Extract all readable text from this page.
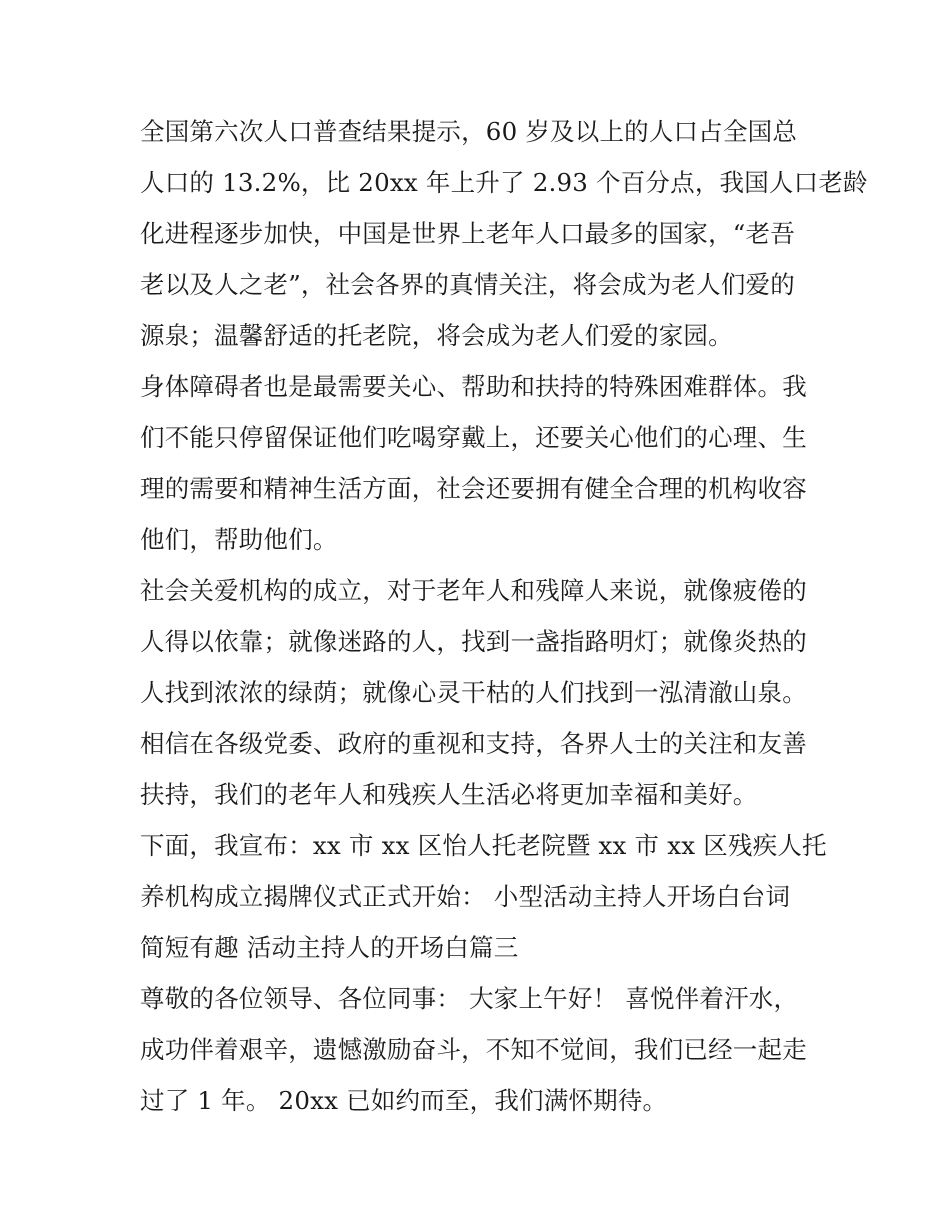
全国第六次人口普查结果提示，60 岁及以上的人口占全国总
人口的 13.2%，比 20xx 年上升了 2.93 个百分点，我国人口老龄
化进程逐步加快，中国是世界上老年人口最多的国家，“老吾
老以及人之老”，社会各界的真情关注，将会成为老人们爱的
源泉；温馨舒适的托老院，将会成为老人们爱的家园。
身体障碍者也是最需要关心、帮助和扶持的特殊困难群体。我
们不能只停留保证他们吃喝穿戴上，还要关心他们的心理、生
理的需要和精神生活方面，社会还要拥有健全合理的机构收容
他们，帮助他们。
社会关爱机构的成立，对于老年人和残障人来说，就像疲倦的
人得以依靠；就像迷路的人，找到一盏指路明灯；就像炎热的
人找到浓浓的绿荫；就像心灵干枯的人们找到一泓清澈山泉。
相信在各级党委、政府的重视和支持，各界人士的关注和友善
扶持，我们的老年人和残疾人生活必将更加幸福和美好。
下面，我宣布：xx 市 xx 区怡人托老院暨 xx 市 xx 区残疾人托
养机构成立揭牌仪式正式开始： 小型活动主持人开场白台词
简短有趣 活动主持人的开场白篇三
尊敬的各位领导、各位同事： 大家上午好！ 喜悦伴着汗水，
成功伴着艰辛，遗憾激励奋斗，不知不觉间，我们已经一起走
过了 1 年。 20xx 已如约而至，我们满怀期待。
